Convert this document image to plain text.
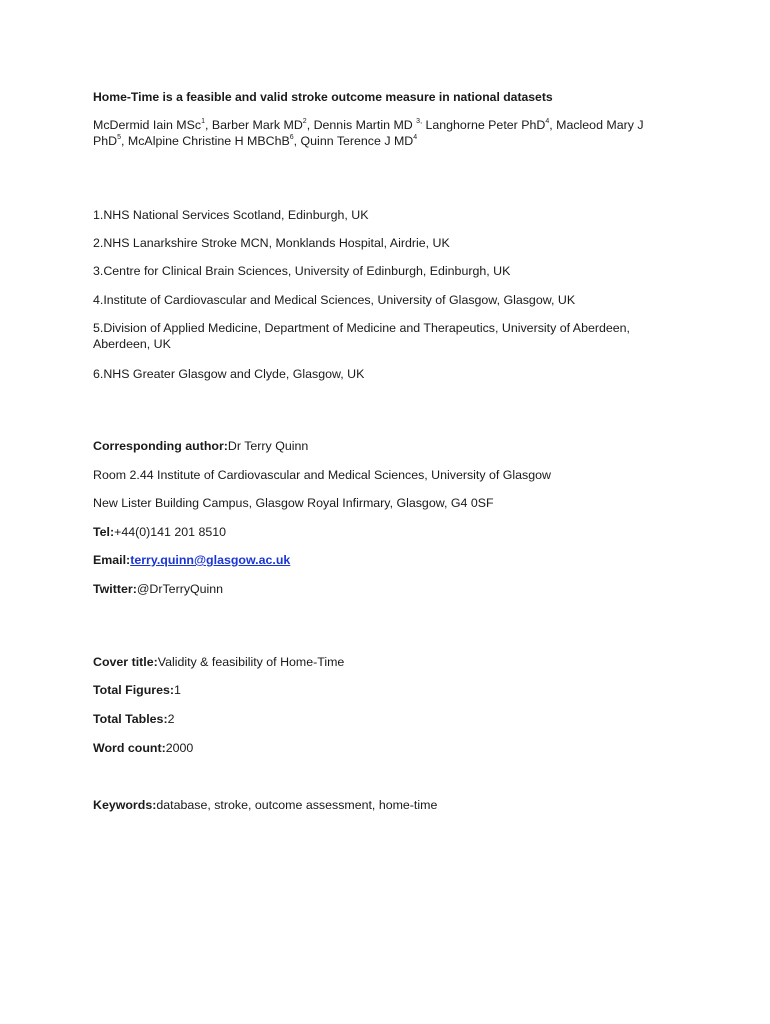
Home-Time is a feasible and valid stroke outcome measure in national datasets
McDermid Iain MSc$^1$, Barber Mark $MD^2$, Dennis Martin MD $^{3,}$ Langhorne Peter PhD$^4$, Macleod Mary J
PhD$^5$, McAlpine Christine H MBChB$^6$, Quinn Terence J $MD^4$
1.NHS National Services Scotland, Edinburgh, UK
2.NHS Lanarkshire Stroke MCN, Monklands Hospital, Airdrie, UK
3.Centre for Clinical Brain Sciences, University of Edinburgh, Edinburgh, UK
4.Institute of Cardiovascular and Medical Sciences, University of Glasgow, Glasgow, UK
5.Division of Applied Medicine, Department of Medicine and Therapeutics, University of Aberdeen, Aberdeen, UK
6.NHS Greater Glasgow and Clyde, Glasgow, UK
Corresponding author:Dr Terry Quinn
Room 2.44 Institute of Cardiovascular and Medical Sciences, University of Glasgow
New Lister Building Campus, Glasgow Royal Infirmary, Glasgow, G4 0SF
Tel:+44(0)141 201 8510
Email:terry.quinn@glasgow.ac.uk
Twitter:@DrTerryQuinn
Cover title:Validity & feasibility of Home-Time
Total Figures:1
Total Tables:2
Word count:2000
Keywords:database, stroke, outcome assessment, home-time
